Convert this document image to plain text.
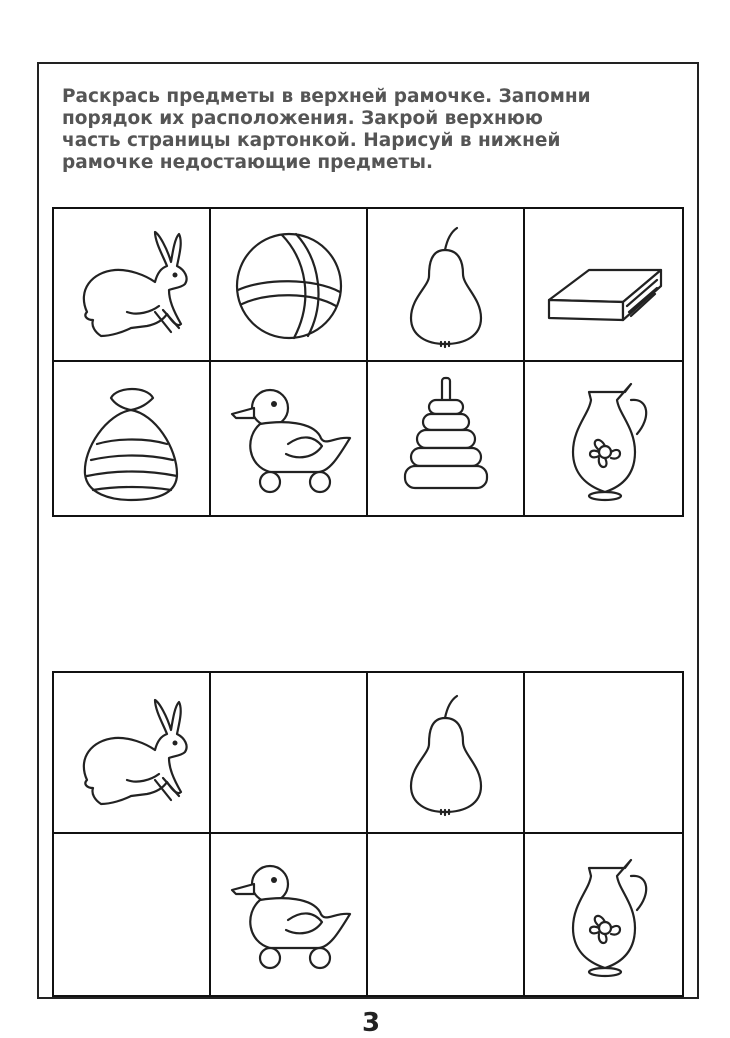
Раскрась предметы в верхней рамочке. Запомни
порядок их расположения. Закрой верхнюю
часть страницы картонкой. Нарисуй в нижней
рамочке недостающие предметы.

3
